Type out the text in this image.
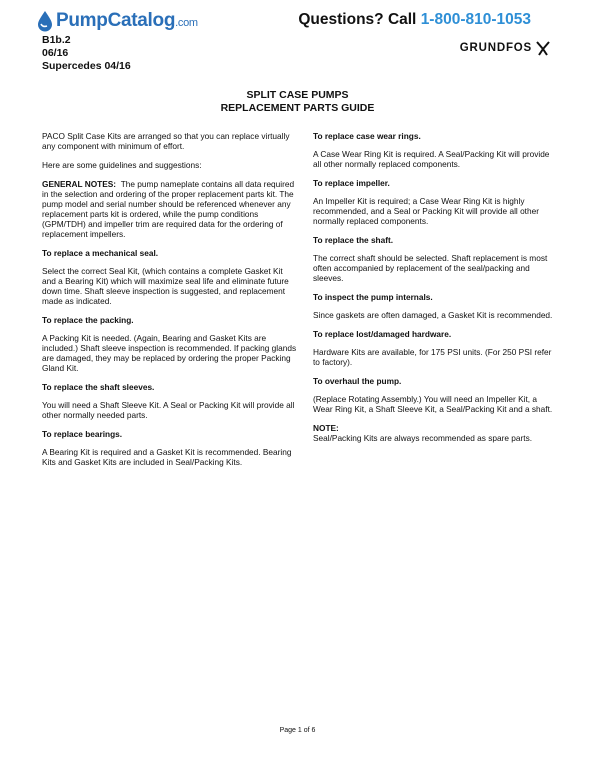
PumpCatalog.com	Questions? Call 1-800-810-1053
B1b.2
06/16
Supercedes 04/16
GRUNDFOS
SPLIT CASE PUMPS
REPLACEMENT PARTS GUIDE

PACO Split Case Kits are arranged so that you can replace virtually any component with minimum of effort.

Here are some guidelines and suggestions:

GENERAL NOTES: The pump nameplate contains all data required in the selection and ordering of the proper replacement parts kit. The pump model and serial number should be referenced whenever any replacement parts kit is ordered, while the pump conditions (GPM/TDH) and impeller trim are required data for the ordering of replacement impellers.

To replace a mechanical seal.

Select the correct Seal Kit, (which contains a complete Gasket Kit and a Bearing Kit) which will maximize seal life and eliminate future down time. Shaft sleeve inspection is suggested, and replacement made as indicated.

To replace the packing.

A Packing Kit is needed. (Again, Bearing and Gasket Kits are included.) Shaft sleeve inspection is recommended. If packing glands are damaged, they may be replaced by ordering the proper Packing Gland Kit.

To replace the shaft sleeves.

You will need a Shaft Sleeve Kit. A Seal or Packing Kit will provide all other normally needed parts.

To replace bearings.

A Bearing Kit is required and a Gasket Kit is recommended. Bearing Kits and Gasket Kits are included in Seal/Packing Kits.

To replace case wear rings.

A Case Wear Ring Kit is required. A Seal/Packing Kit will provide all other normally replaced components.

To replace impeller.

An Impeller Kit is required; a Case Wear Ring Kit is highly recommended, and a Seal or Packing Kit will provide all other normally replaced components.

To replace the shaft.

The correct shaft should be selected. Shaft replacement is most often accompanied by replacement of the seal/packing and sleeves.

To inspect the pump internals.

Since gaskets are often damaged, a Gasket Kit is recommended.

To replace lost/damaged hardware.

Hardware Kits are available, for 175 PSI units. (For 250 PSI refer to factory).

To overhaul the pump.

(Replace Rotating Assembly.) You will need an Impeller Kit, a Wear Ring Kit, a Shaft Sleeve Kit, a Seal/Packing Kit and a shaft.

NOTE:
Seal/Packing Kits are always recommended as spare parts.

Page 1 of 6
